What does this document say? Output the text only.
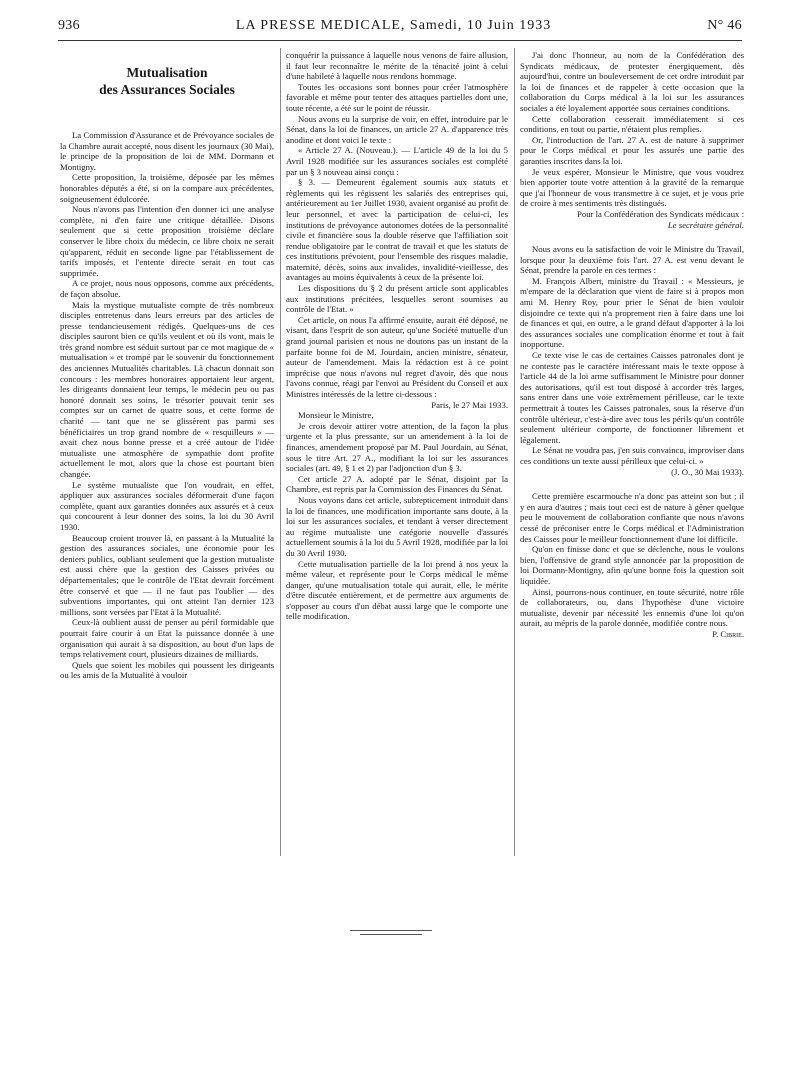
936	LA PRESSE MEDICALE, Samedi, 10 Juin 1933	N° 46
Mutualisation
des Assurances Sociales

La Commission d'Assurance et de Prévoyance sociales de la Chambre aurait accepté, nous disent les journaux (30 Mai), le principe de la proposition de loi de MM. Dormann et Montigny.

Cette proposition, la troisième, déposée par les mêmes honorables députés a été, si on la compare aux précédentes, soigneusement édulcorée.

Nous n'avons pas l'intention d'en donner ici une analyse complète, ni d'en faire une critique détaillée. Disons seulement que si cette proposition troisième déclare conserver le libre choix du médecin, ce libre choix ne serait qu'apparent, réduit en seconde ligne par l'établissement de tarifs imposés, et l'entente directe serait en tout cas supprimée.

A ce projet, nous nous opposons, comme aux précédents, de façon absolue.

Mais la mystique mutualiste compte de très nombreux disciples entretenus dans leurs erreurs par des articles de presse tendancieusement rédigés. Quelques-uns de ces disciples sauront bien ce qu'ils veulent et où ils vont, mais le très grand nombre est séduit surtout par ce mot magique de « mutualisation » et trompé par le souvenir du fonctionnement des anciennes Mutualités charitables. Là chacun donnait son concours : les membres honoraires apportaient leur argent, les dirigeants donnaient leur temps, le médecin peu ou pas honoré donnait ses soins, le trésorier pouvait tenir ses comptes sur un carnet de quatre sous, et cette forme de charité — tant que ne se glissèrent pas parmi ses bénéficiaires un trop grand nombre de « resquilleurs » — avait chez nous bonne presse et a créé autour de l'idée mutualiste une atmosphère de sympathie dont profite actuellement le mot, alors que la chose est pourtant bien changée.

Le système mutualiste que l'on voudrait, en effet, appliquer aux assurances sociales déformerait d'une façon complète, quant aux garanties données aux assurés et à ceux qui concourent à leur donner des soins, la loi du 30 Avril 1930.

Beaucoup croient trouver là, en passant à la Mutualité la gestion des assurances sociales, une économie pour les deniers publics, oubliant seulement que la gestion mutualiste est aussi chère que la gestion des Caisses privées ou départementales; que le contrôle de l'Etat devrait forcément être conservé et que — il ne faut pas l'oublier — des subventions importantes, qui ont atteint l'an dernier 123 millions, sont versées par l'Etat à la Mutualité.

Ceux-là oublient aussi de penser au péril formidable que pourrait faire courir à un Etat la puissance donnée à une organisation qui aurait à sa disposition, au bout d'un laps de temps relativement court, plusieurs dizaines de milliards.

Quels que soient les mobiles qui poussent les dirigeants ou les amis de la Mutualité à vouloir

conquérir la puissance à laquelle nous venons de faire allusion, il faut leur reconnaître le mérite de la ténacité joint à celui d'une habileté à laquelle nous rendons hommage.

Toutes les occasions sont bonnes pour créer l'atmosphère favorable et même pour tenter des attaques partielles dont une, toute récente, a été sur le point de réussir.

Nous avons eu la surprise de voir, en effet, introduire par le Sénat, dans la loi de finances, un article 27 A. d'apparence très anodine et dont voici le texte :

« Article 27 A. (Nouveau.). — L'article 49 de la loi du 5 Avril 1928 modifiée sur les assurances sociales est complété par un § 3 nouveau ainsi conçu :

§ 3. — Demeurent également soumis aux statuts et règlements qui les régissent les salariés des entreprises qui, antérieurement au 1er Juillet 1930, avaient organisé au profit de leur personnel, et avec la participation de celui-ci, les institutions de prévoyance autonomes dotées de la personnalité civile et financière sous la double réserve que l'affiliation soit rendue obligatoire par le contrat de travail et que les statuts de ces institutions prévoient, pour l'ensemble des risques maladie, maternité, décès, soins aux invalides, invalidité-vieillesse, des avantages au moins équivalents à ceux de la présente loi.

Les dispositions du § 2 du présent article sont applicables aux institutions précitées, lesquelles seront soumises au contrôle de l'Etat. »

Cet article, on nous l'a affirmé ensuite, aurait été déposé, ne visant, dans l'esprit de son auteur, qu'une Société mutuelle d'un grand journal parisien et nous ne doutons pas un instant de la parfaite bonne foi de M. Jourdain, ancien ministre, sénateur, auteur de l'amendement. Mais la rédaction est à ce point imprécise que nous n'avons nul regret d'avoir, dès que nous l'avons connue, réagi par l'envoi au Président du Conseil et aux Ministres intéressés de la lettre ci-dessous :

Paris, le 27 Mai 1933.

Monsieur le Ministre,

Je crois devoir attirer votre attention, de la façon la plus urgente et la plus pressante, sur un amendement à la loi de finances, amendement proposé par M. Paul Jourdain, au Sénat, sous le titre Art. 27 A., modifiant la loi sur les assurances sociales (art. 49, § 1 et 2) par l'adjonction d'un § 3.

Cet article 27 A. adopté par le Sénat, disjoint par la Chambre, est repris par la Commission des Finances du Sénat.

Nous voyons dans cet article, subrepticement introduit dans la loi de finances, une modification importante sans doute, à la loi sur les assurances sociales, et tendant à verser directement au régime mutualiste une catégorie nouvelle d'assurés actuellement soumis à la loi du 5 Avril 1928, modifiée par la loi du 30 Avril 1930.

Cette mutualisation partielle de la loi prend à nos yeux la même valeur, et représente pour le Corps médical le même danger, qu'une mutualisation totale qui aurait, elle, le mérite d'être discutée entièrement, et de permettre aux arguments de s'opposer au cours d'un débat aussi large que le comporte une telle modification.

J'ai donc l'honneur, au nom de la Confédération des Syndicats médicaux, de protester énergiquement, dès aujourd'hui, contre un bouleversement de cet ordre introduit par la loi de finances et de rappeler à cette occasion que la collaboration du Corps médical à la loi sur les assurances sociales a été loyalement apportée sous certaines conditions.

Cette collaboration cesserait immédiatement si ces conditions, en tout ou partie, n'étaient plus remplies.

Or, l'introduction de l'art. 27 A. est de nature à supprimer pour le Corps médical et pour les assurés une partie des garanties inscrites dans la loi.

Je veux espérer, Monsieur le Ministre, que vous voudrez bien apporter toute votre attention à la gravité de la remarque que j'ai l'honneur de vous transmettre à ce sujet, et je vous prie de croire à mes sentiments très distingués.

Pour la Confédération des Syndicats médicaux :

Le secrétaire général.

Nous avons eu la satisfaction de voir le Ministre du Travail, lorsque pour la deuxième fois l'art. 27 A. est venu devant le Sénat, prendre la parole en ces termes :

M. François Albert, ministre du Travail : « Messieurs, je m'empare de la déclaration que vient de faire si à propos mon ami M. Henry Roy, pour prier le Sénat de bien vouloir disjoindre ce texte qui n'a proprement rien à faire dans une loi de finances et qui, en outre, a le grand défaut d'apporter à la loi des assurances sociales une complication énorme et tout à fait inopportune.

Ce texte vise le cas de certaines Caisses patronales dont je ne conteste pas le caractère intéressant mais le texte oppose à l'article 44 de la loi arme suffisamment le Ministre pour donner des autorisations, qu'il est tout disposé à accorder très larges, sans entrer dans une voie extrêmement périlleuse, car le texte permettrait à toutes les Caisses patronales, sous la réserve d'un contrôle ultérieur, c'est-à-dire avec tous les périls qu'un contrôle seulement ultérieur comporte, de fonctionner librement et légalement.

Le Sénat ne voudra pas, j'en suis convaincu, improviser dans ces conditions un texte aussi périlleux que celui-ci. »

(J. O., 30 Mai 1933).

Cette première escarmouche n'a donc pas atteint son but ; il y en aura d'autres ; mais tout ceci est de nature à gêner quelque peu le mouvement de collaboration confiante que nous n'avons cessé de préconiser entre le Corps médical et l'Administration des Caisses pour le meilleur fonctionnement d'une loi difficile.

Qu'on en finisse donc et que se déclenche, nous le voulons bien, l'offensive de grand style annoncée par la proposition de loi Dormann-Montigny, afin qu'une bonne fois la question soit liquidée.

Ainsi, pourrons-nous continuer, en toute sécurité, notre rôle de collaborateurs, ou, dans l'hypothèse d'une victoire mutualiste, devenir par nécessité les ennemis d'une loi qu'on aurait, au mépris de la parole donnée, modifiée contre nous.

P. Cibrie.
